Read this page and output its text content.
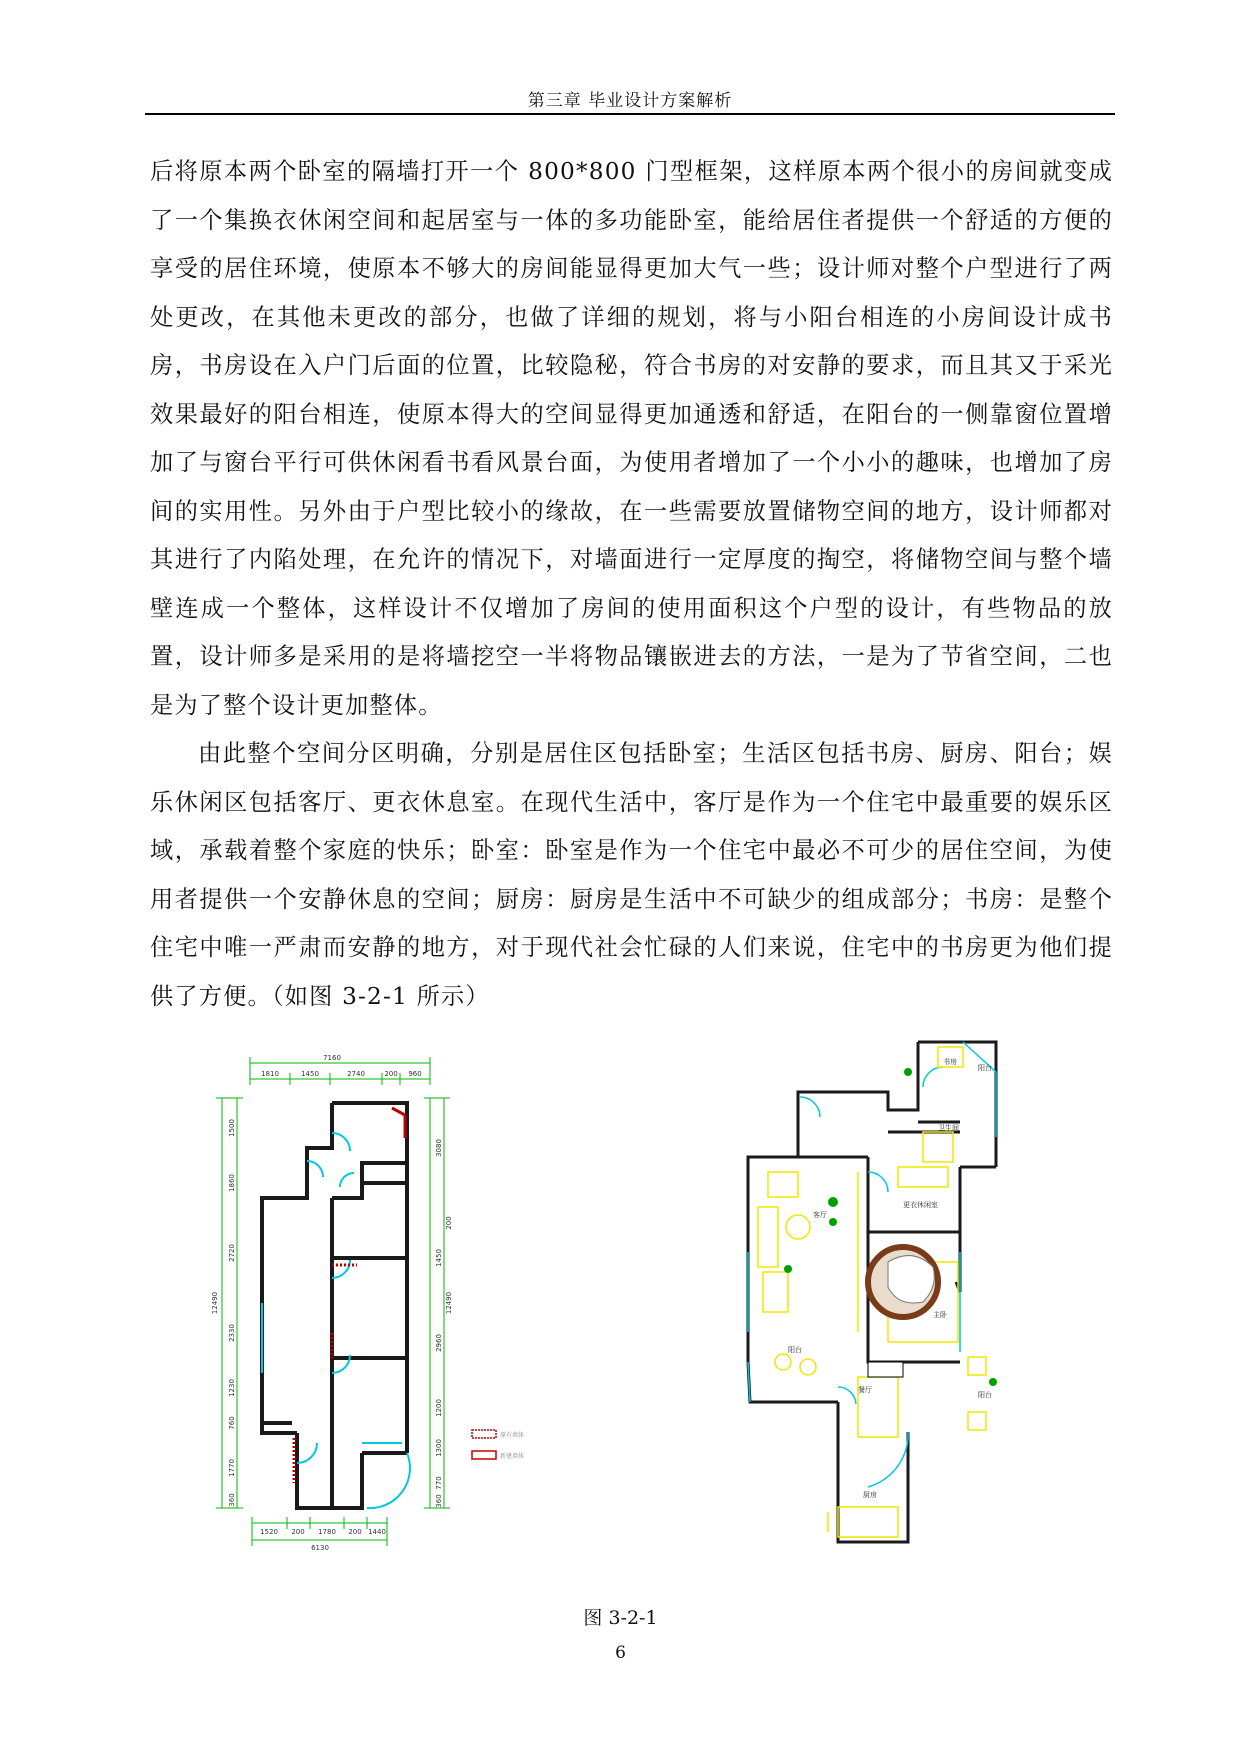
第三章 毕业设计方案解析

后将原本两个卧室的隔墙打开一个 800*800 门型框架，这样原本两个很小的房间就变成了一个集换衣休闲空间和起居室与一体的多功能卧室，能给居住者提供一个舒适的方便的享受的居住环境，使原本不够大的房间能显得更加大气一些；设计师对整个户型进行了两处更改，在其他未更改的部分，也做了详细的规划，将与小阳台相连的小房间设计成书房，书房设在入户门后面的位置，比较隐秘，符合书房的对安静的要求，而且其又于采光效果最好的阳台相连，使原本得大的空间显得更加通透和舒适，在阳台的一侧靠窗位置增加了与窗台平行可供休闲看书看风景台面，为使用者增加了一个小小的趣味，也增加了房间的实用性。另外由于户型比较小的缘故，在一些需要放置储物空间的地方，设计师都对其进行了内陷处理，在允许的情况下，对墙面进行一定厚度的掏空，将储物空间与整个墙壁连成一个整体，这样设计不仅增加了房间的使用面积这个户型的设计，有些物品的放置，设计师多是采用的是将墙挖空一半将物品镶嵌进去的方法，一是为了节省空间，二也是为了整个设计更加整体。

由此整个空间分区明确，分别是居住区包括卧室；生活区包括书房、厨房、阳台；娱乐休闲区包括客厅、更衣休息室。在现代生活中，客厅是作为一个住宅中最重要的娱乐区域，承载着整个家庭的快乐；卧室：卧室是作为一个住宅中最必不可少的居住空间，为使用者提供一个安静休息的空间；厨房：厨房是生活中不可缺少的组成部分；书房：是整个住宅中唯一严肃而安静的地方，对于现代社会忙碌的人们来说，住宅中的书房更为他们提供了方便。（如图 3-2-1 所示）

7160
1810	1450	2740	200 960
1520 200 1780 200 1440
6130
12490
1500
1860
2720
2330
1230
760
1770
360
3080
200
1450
12490
2960
1200
1300
770
360
原有墙体
新建墙体
书房
阳台
卫生间
更衣休闲室
客厅
主卧
阳台
餐厅
阳台
厨房
图 3-2-1
6
